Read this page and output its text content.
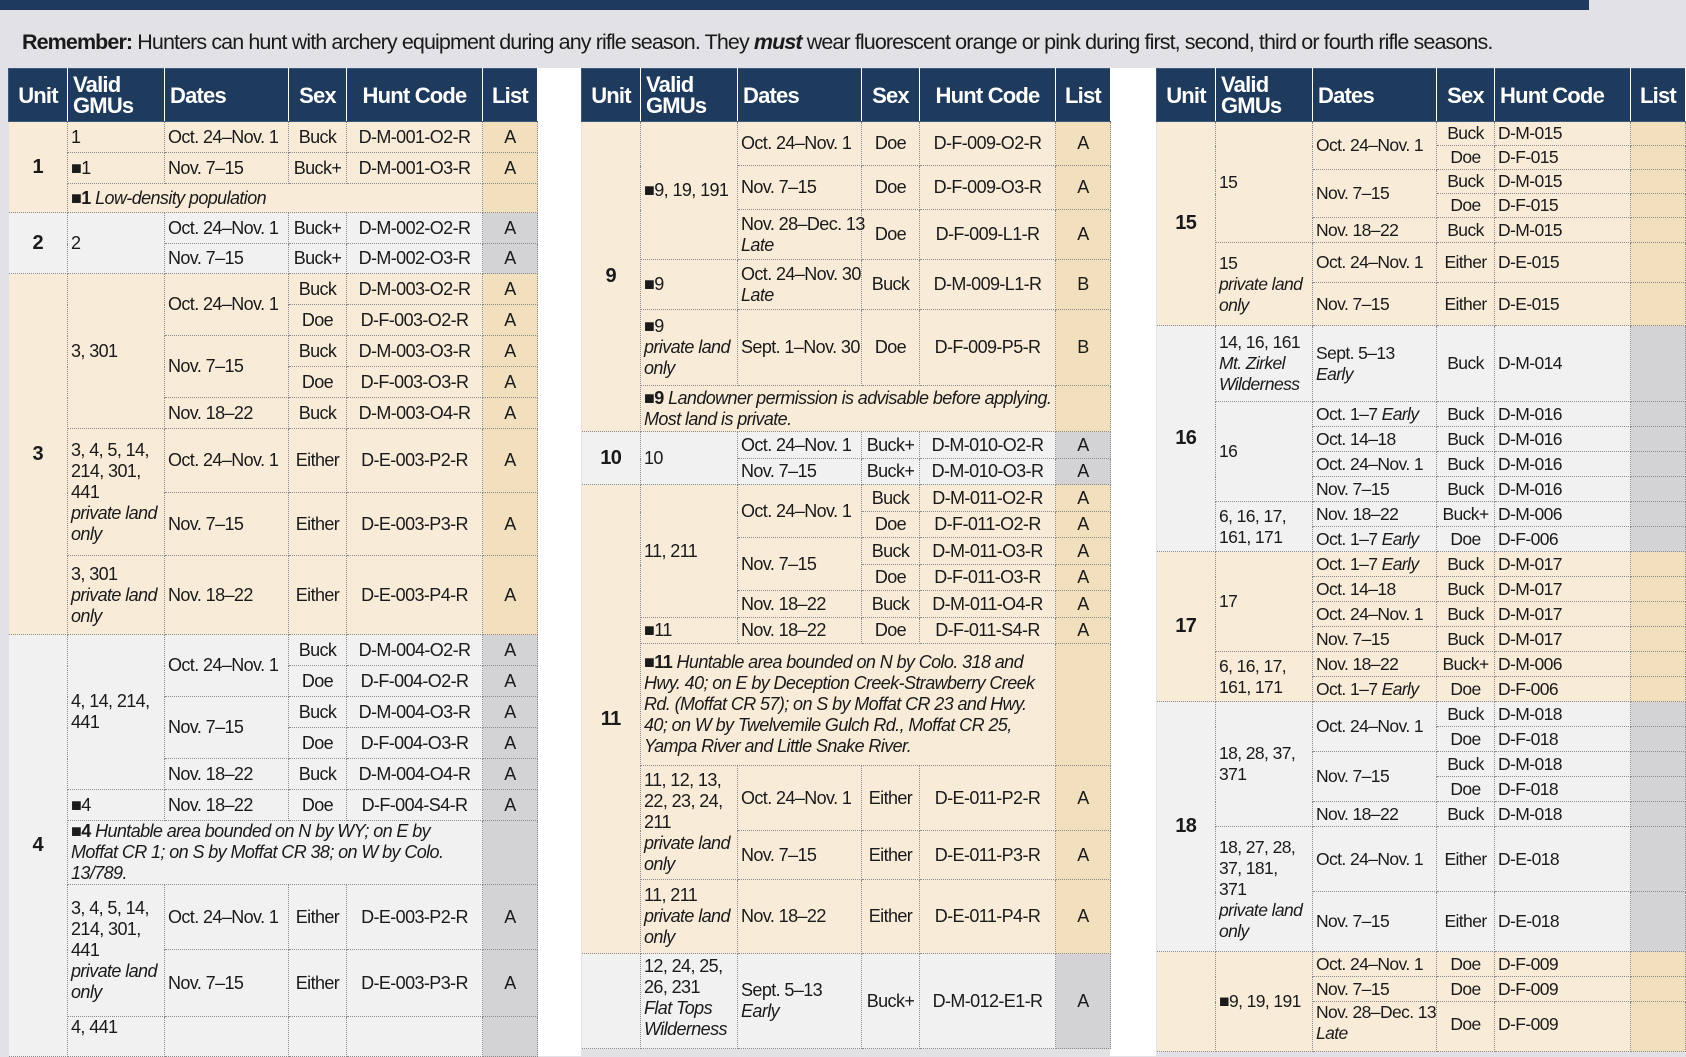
Remember: Hunters can hunt with archery equipment during any rifle season. They must wear fluorescent orange or pink during first, second, third or fourth rifle seasons.
Unit	Valid
GMUs	Dates	Sex	Hunt Code	List
1	1	Oct. 24–Nov. 1	Buck	D-M-001-O2-R	A
	■1	Nov. 7–15	Buck+	D-M-001-O3-R	A
	■1 Low-density population				
2	2	Oct. 24–Nov. 1	Buck+	D-M-002-O2-R	A
		Nov. 7–15	Buck+	D-M-002-O3-R	A
3	3, 301	Oct. 24–Nov. 1	Buck	D-M-003-O2-R	A
			Doe	D-F-003-O2-R	A
		Nov. 7–15	Buck	D-M-003-O3-R	A
			Doe	D-F-003-O3-R	A
		Nov. 18–22	Buck	D-M-003-O4-R	A
	3, 4, 5, 14,
214, 301,
441
private land
only	Oct. 24–Nov. 1	Either	D-E-003-P2-R	A
		Nov. 7–15	Either	D-E-003-P3-R	A
	3, 301
private land
only	Nov. 18–22	Either	D-E-003-P4-R	A
4	4, 14, 214,
441	Oct. 24–Nov. 1	Buck	D-M-004-O2-R	A
			Doe	D-F-004-O2-R	A
		Nov. 7–15	Buck	D-M-004-O3-R	A
			Doe	D-F-004-O3-R	A
		Nov. 18–22	Buck	D-M-004-O4-R	A
	■4	Nov. 18–22	Doe	D-F-004-S4-R	A
	■4 Huntable area bounded on N by WY; on E by Moffat CR 1; on S by Moffat CR 38; on W by Colo. 13/789.				
	3, 4, 5, 14,
214, 301,
441
private land
only	Oct. 24–Nov. 1	Either	D-E-003-P2-R	A
		Nov. 7–15	Either	D-E-003-P3-R	A
	4, 441				
Unit	Valid
GMUs	Dates	Sex	Hunt Code	List
9	■9, 19, 191	Oct. 24–Nov. 1	Doe	D-F-009-O2-R	A
		Nov. 7–15	Doe	D-F-009-O3-R	A
		Nov. 28–Dec. 13
Late	Doe	D-F-009-L1-R	A
	■9	Oct. 24–Nov. 30
Late	Buck	D-M-009-L1-R	B
	■9
private land
only	Sept. 1–Nov. 30	Doe	D-F-009-P5-R	B
	■9 Landowner permission is advisable before applying. Most land is private.				
10	10	Oct. 24–Nov. 1	Buck+	D-M-010-O2-R	A
		Nov. 7–15	Buck+	D-M-010-O3-R	A
11	11, 211	Oct. 24–Nov. 1	Buck	D-M-011-O2-R	A
			Doe	D-F-011-O2-R	A
		Nov. 7–15	Buck	D-M-011-O3-R	A
			Doe	D-F-011-O3-R	A
		Nov. 18–22	Buck	D-M-011-O4-R	A
	■11	Nov. 18–22	Doe	D-F-011-S4-R	A
	■11 Huntable area bounded on N by Colo. 318 and Hwy. 40; on E by Deception Creek-Strawberry Creek Rd. (Moffat CR 57); on S by Moffat CR 23 and Hwy. 40; on W by Twelvemile Gulch Rd., Moffat CR 25, Yampa River and Little Snake River.				
	11, 12, 13,
22, 23, 24,
211
private land
only	Oct. 24–Nov. 1	Either	D-E-011-P2-R	A
		Nov. 7–15	Either	D-E-011-P3-R	A
	11, 211
private land
only	Nov. 18–22	Either	D-E-011-P4-R	A
	12, 24, 25,
26, 231
Flat Tops
Wilderness	Sept. 5–13
Early	Buck+	D-M-012-E1-R	A
Unit	Valid
GMUs	Dates	Sex	Hunt Code	List
15	15	Oct. 24–Nov. 1	Buck	D-M-015	
			Doe	D-F-015	
		Nov. 7–15	Buck	D-M-015	
			Doe	D-F-015	
		Nov. 18–22	Buck	D-M-015	
	15
private land
only	Oct. 24–Nov. 1	Either	D-E-015	
		Nov. 7–15	Either	D-E-015	
16	14, 16, 161
Mt. Zirkel
Wilderness	Sept. 5–13
Early	Buck	D-M-014	
	16	Oct. 1–7 Early	Buck	D-M-016	
		Oct. 14–18	Buck	D-M-016	
		Oct. 24–Nov. 1	Buck	D-M-016	
		Nov. 7–15	Buck	D-M-016	
	6, 16, 17,
161, 171	Nov. 18–22	Buck+	D-M-006	
		Oct. 1–7 Early	Doe	D-F-006	
17	17	Oct. 1–7 Early	Buck	D-M-017	
		Oct. 14–18	Buck	D-M-017	
		Oct. 24–Nov. 1	Buck	D-M-017	
		Nov. 7–15	Buck	D-M-017	
	6, 16, 17,
161, 171	Nov. 18–22	Buck+	D-M-006	
		Oct. 1–7 Early	Doe	D-F-006	
18	18, 28, 37,
371	Oct. 24–Nov. 1	Buck	D-M-018	
			Doe	D-F-018	
		Nov. 7–15	Buck	D-M-018	
			Doe	D-F-018	
		Nov. 18–22	Buck	D-M-018	
	18, 27, 28,
37, 181,
371
private land
only	Oct. 24–Nov. 1	Either	D-E-018	
		Nov. 7–15	Either	D-E-018	
	■9, 19, 191	Oct. 24–Nov. 1	Doe	D-F-009	
		Nov. 7–15	Doe	D-F-009	
		Nov. 28–Dec. 13
Late	Doe	D-F-009	
